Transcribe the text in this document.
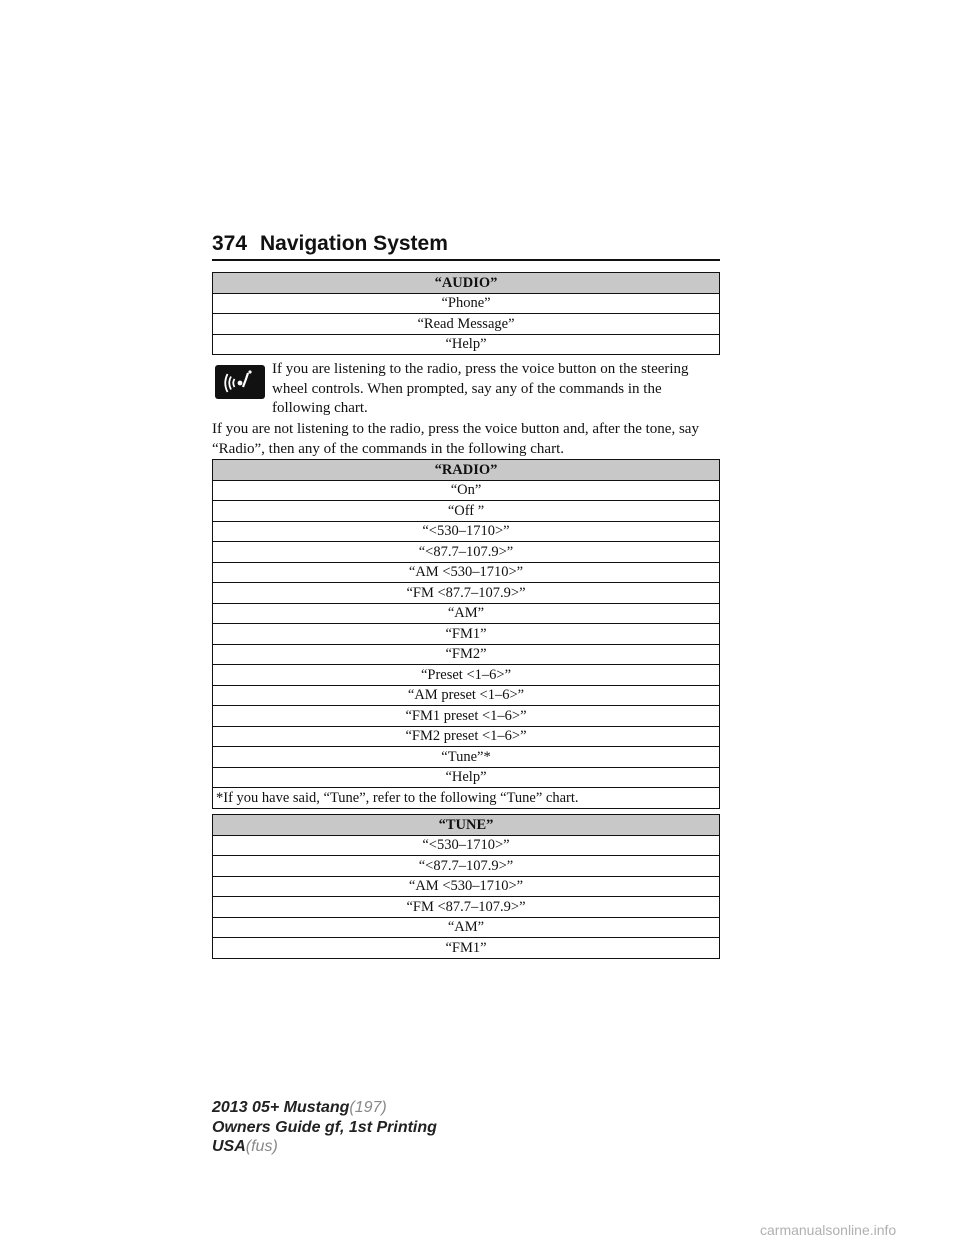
374 Navigation System
“AUDIO”
“Phone”
“Read Message”
“Help”

If you are listening to the radio, press the voice button on the steering wheel controls. When prompted, say any of the commands in the following chart.

If you are not listening to the radio, press the voice button and, after the tone, say “Radio”, then any of the commands in the following chart.

“RADIO”
“On”
“Off ”
“<530–1710>”
“<87.7–107.9>”
“AM <530–1710>”
“FM <87.7–107.9>”
“AM”
“FM1”
“FM2”
“Preset <1–6>”
“AM preset <1–6>”
“FM1 preset <1–6>”
“FM2 preset <1–6>”
“Tune”*
“Help”
*If you have said, “Tune”, refer to the following “Tune” chart.
“TUNE”
“<530–1710>”
“<87.7–107.9>”
“AM <530–1710>”
“FM <87.7–107.9>”
“AM”
“FM1”
2013 05+ Mustang(197)
Owners Guide gf, 1st Printing
USA(fus)
carmanualsonline.info
